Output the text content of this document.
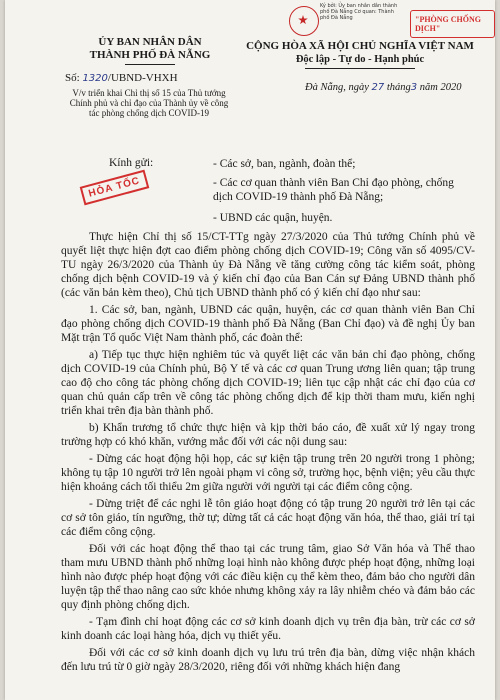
Ký bởi: Ủy ban nhân dân thành phố Đà Nẵng Cơ quan: Thành phố Đà Nẵng	"PHÒNG CHỐNG DỊCH"
ỦY BAN NHÂN DÂN
THÀNH PHỐ ĐÀ NẴNG
Số: 1320/UBND-VHXH
V/v triển khai Chỉ thị số 15 của Thủ tướng Chính phủ và chỉ đạo của Thành ủy về công tác phòng chống dịch COVID-19
CỘNG HÒA XÃ HỘI CHỦ NGHĨA VIỆT NAM
Độc lập - Tự do - Hạnh phúc
Đà Nẵng, ngày 27 tháng3 năm 2020
Kính gửi:	- Các sở, ban, ngành, đoàn thể;
- Các cơ quan thành viên Ban Chỉ đạo phòng, chống dịch COVID-19 thành phố Đà Nẵng;
- UBND các quận, huyện.
HỎA TỐC

Thực hiện Chỉ thị số 15/CT-TTg ngày 27/3/2020 của Thủ tướng Chính phủ về quyết liệt thực hiện đợt cao điểm phòng chống dịch COVID-19; Công văn số 4095/CV-TU ngày 26/3/2020 của Thành ủy Đà Nẵng về tăng cường công tác kiểm soát, phòng chống dịch bệnh COVID-19 và ý kiến chỉ đạo của Ban Cán sự Đảng UBND thành phố (các văn bản kèm theo), Chủ tịch UBND thành phố có ý kiến chỉ đạo như sau:

1. Các sở, ban, ngành, UBND các quận, huyện, các cơ quan thành viên Ban Chỉ đạo phòng chống dịch COVID-19 thành phố Đà Nẵng (Ban Chỉ đạo) và đề nghị Ủy ban Mặt trận Tổ quốc Việt Nam thành phố, các đoàn thể:

a) Tiếp tục thực hiện nghiêm túc và quyết liệt các văn bản chỉ đạo phòng, chống dịch COVID-19 của Chính phủ, Bộ Y tế và các cơ quan Trung ương liên quan; tập trung cao độ cho công tác phòng chống dịch COVID-19; liên tục cập nhật các chỉ đạo của cơ quan chủ quản cấp trên về công tác phòng chống dịch để kịp thời tham mưu, kiến nghị triển khai trên địa bàn thành phố.

b) Khẩn trương tổ chức thực hiện và kịp thời báo cáo, đề xuất xử lý ngay trong trường hợp có khó khăn, vướng mắc đối với các nội dung sau:

- Dừng các hoạt động hội họp, các sự kiện tập trung trên 20 người trong 1 phòng; không tụ tập 10 người trở lên ngoài phạm vi công sở, trường học, bệnh viện; yêu cầu thực hiện khoảng cách tối thiểu 2m giữa người với người tại các điểm công cộng.

- Dừng triệt để các nghi lễ tôn giáo hoạt động có tập trung 20 người trở lên tại các cơ sở tôn giáo, tín ngưỡng, thờ tự; dừng tất cả các hoạt động văn hóa, thể thao, giải trí tại các điểm công cộng.

Đối với các hoạt động thể thao tại các trung tâm, giao Sở Văn hóa và Thể thao tham mưu UBND thành phố những loại hình nào không được phép hoạt động, những loại hình nào được phép hoạt động với các điều kiện cụ thể kèm theo, đảm bảo cho người dân luyện tập thể thao nâng cao sức khỏe nhưng không xảy ra lây nhiễm chéo và đảm bảo các quy định phòng chống dịch.

- Tạm đình chỉ hoạt động các cơ sở kinh doanh dịch vụ trên địa bàn, trừ các cơ sở kinh doanh các loại hàng hóa, dịch vụ thiết yếu.

Đối với các cơ sở kinh doanh dịch vụ lưu trú trên địa bàn, dừng việc nhận khách đến lưu trú từ 0 giờ ngày 28/3/2020, riêng đối với những khách hiện đang
